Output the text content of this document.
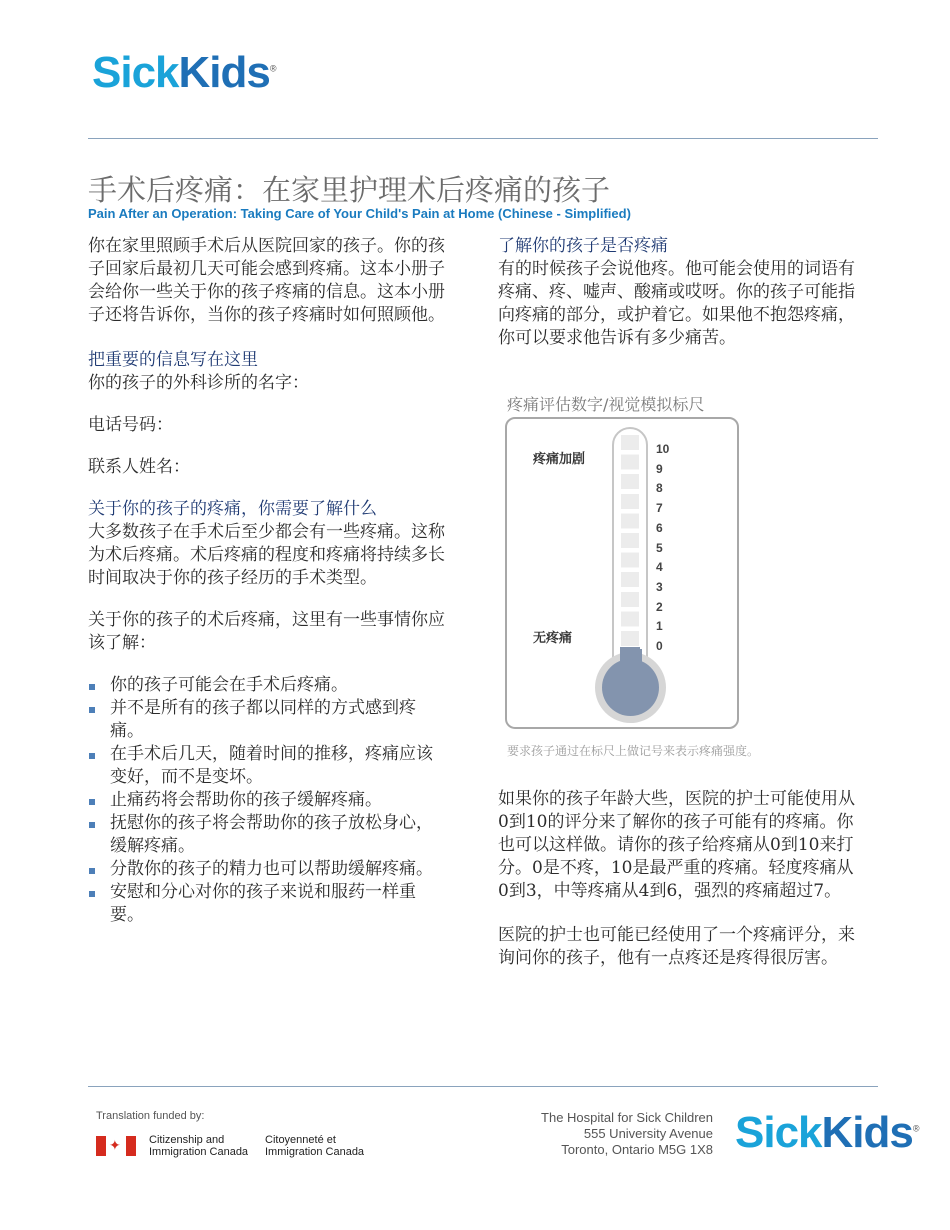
SickKids®
手术后疼痛：在家里护理术后疼痛的孩子
Pain After an Operation: Taking Care of Your Child's Pain at Home (Chinese - Simplified)

你在家里照顾手术后从医院回家的孩子。你的孩子回家后最初几天可能会感到疼痛。这本小册子会给你一些关于你的孩子疼痛的信息。这本小册子还将告诉你，当你的孩子疼痛时如何照顾他。

把重要的信息写在这里

你的孩子的外科诊所的名字：

电话号码：

联系人姓名：

关于你的孩子的疼痛，你需要了解什么

大多数孩子在手术后至少都会有一些疼痛。这称为术后疼痛。术后疼痛的程度和疼痛将持续多长时间取决于你的孩子经历的手术类型。

关于你的孩子的术后疼痛，这里有一些事情你应该了解：

你的孩子可能会在手术后疼痛。
并不是所有的孩子都以同样的方式感到疼痛。
在手术后几天，随着时间的推移，疼痛应该变好，而不是变坏。
止痛药将会帮助你的孩子缓解疼痛。
抚慰你的孩子将会帮助你的孩子放松身心，缓解疼痛。
分散你的孩子的精力也可以帮助缓解疼痛。
安慰和分心对你的孩子来说和服药一样重要。
了解你的孩子是否疼痛

有的时候孩子会说他疼。他可能会使用的词语有疼痛、疼、嘘声、酸痛或哎呀。你的孩子可能指向疼痛的部分，或护着它。如果他不抱怨疼痛，你可以要求他告诉有多少痛苦。

疼痛评估数字/视觉模拟标尺
疼痛加剧
无疼痛
10
9
8
7
6
5
4
3
2
1
0
要求孩子通过在标尺上做记号来表示疼痛强度。

如果你的孩子年龄大些，医院的护士可能使用从0到10的评分来了解你的孩子可能有的疼痛。你也可以这样做。请你的孩子给疼痛从0到10来打分。0是不疼，10是最严重的疼痛。轻度疼痛从0到3，中等疼痛从4到6，强烈的疼痛超过7。

医院的护士也可能已经使用了一个疼痛评分，来询问你的孩子，他有一点疼还是疼得很厉害。

Translation funded by:
✦	Citizenship and
Immigration Canada
Citoyenneté et
Immigration Canada
The Hospital for Sick Children
555 University Avenue
Toronto, Ontario M5G 1X8 SickKids®
